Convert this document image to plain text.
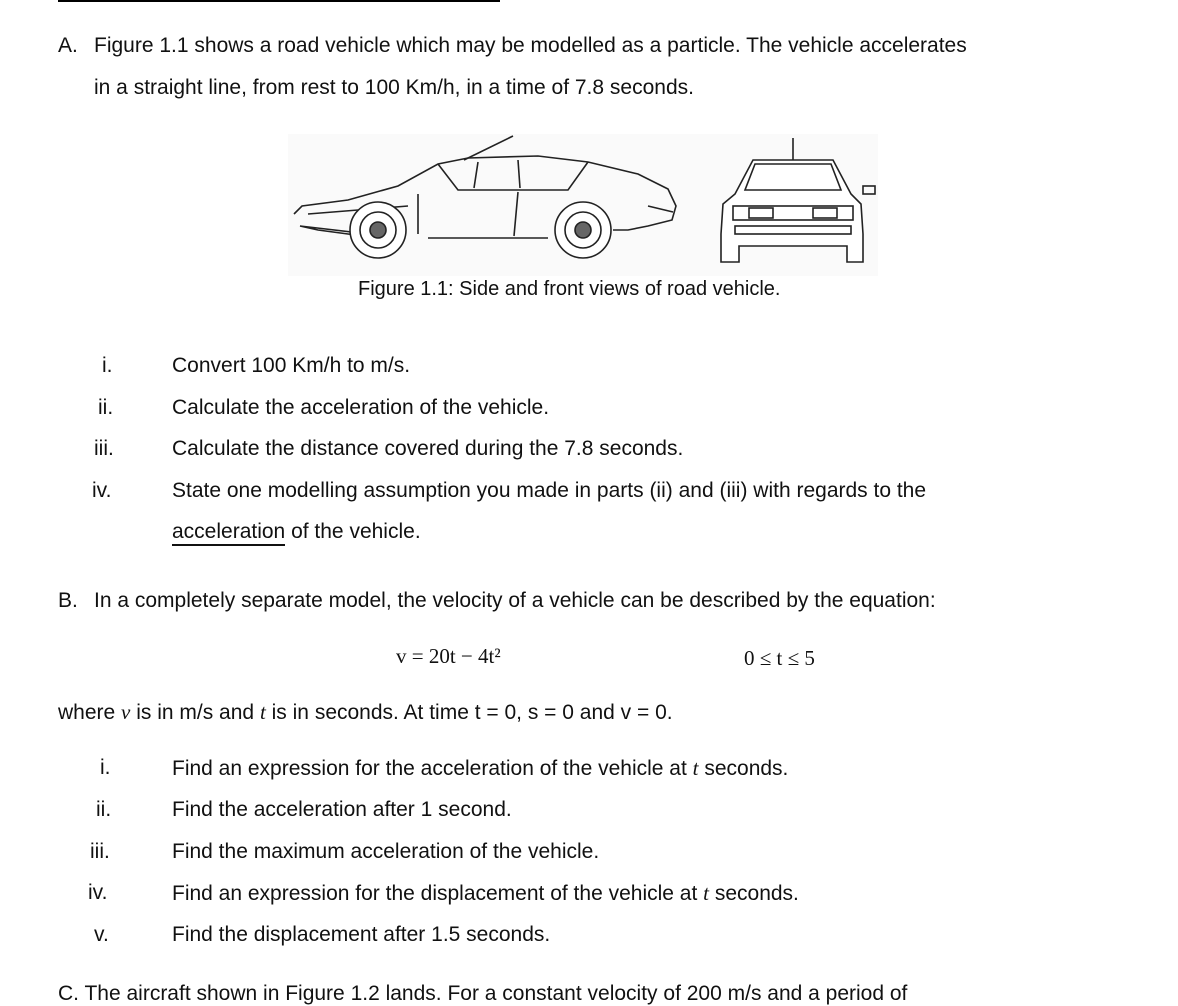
A. Figure 1.1 shows a road vehicle which may be modelled as a particle. The vehicle accelerates
in a straight line, from rest to 100 Km/h, in a time of 7.8 seconds.
Figure 1.1: Side and front views of road vehicle.
i.	Convert 100 Km/h to m/s.
ii.	Calculate the acceleration of the vehicle.
iii.	Calculate the distance covered during the 7.8 seconds.
iv.	State one modelling assumption you made in parts (ii) and (iii) with regards to the
acceleration of the vehicle.
B. In a completely separate model, the velocity of a vehicle can be described by the equation:
v = 20t − 4t²	0 ≤ t ≤ 5
where v is in m/s and t is in seconds. At time t = 0, s = 0 and v = 0.
i.	Find an expression for the acceleration of the vehicle at t seconds.
ii.	Find the acceleration after 1 second.
iii.	Find the maximum acceleration of the vehicle.
iv.	Find an expression for the displacement of the vehicle at t seconds.
v.	Find the displacement after 1.5 seconds.
C. The aircraft shown in Figure 1.2 lands. For a constant velocity of 200 m/s and a period of
